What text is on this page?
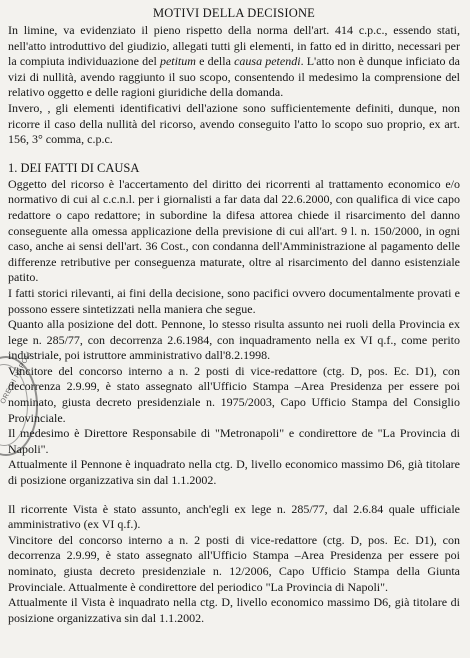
ORE DI NAPOLI
MOTIVI DELLA DECISIONE

In limine, va evidenziato il pieno rispetto della norma dell'art. 414 c.p.c., essendo stati, nell'atto introduttivo del giudizio, allegati tutti gli elementi, in fatto ed in diritto, necessari per la compiuta individuazione del petitum e della causa petendi. L'atto non è dunque inficiato da vizi di nullità, avendo raggiunto il suo scopo, consentendo il medesimo la comprensione del relativo oggetto e delle ragioni giuridiche della domanda.

Invero, , gli elementi identificativi dell'azione sono sufficientemente definiti, dunque, non ricorre il caso della nullità del ricorso, avendo conseguito l'atto lo scopo suo proprio, ex art. 156, 3° comma, c.p.c.

1. DEI FATTI DI CAUSA

Oggetto del ricorso è l'accertamento del diritto dei ricorrenti al trattamento economico e/o normativo di cui al c.c.n.l. per i giornalisti a far data dal 22.6.2000, con qualifica di vice capo redattore o capo redattore; in subordine la difesa attorea chiede il risarcimento del danno conseguente alla omessa applicazione della previsione di cui all'art. 9 l. n. 150/2000, in ogni caso, anche ai sensi dell'art. 36 Cost., con condanna dell'Amministrazione al pagamento delle differenze retributive per conseguenza maturate, oltre al risarcimento del danno esistenziale patito.

I fatti storici rilevanti, ai fini della decisione, sono pacifici ovvero documentalmente provati e possono essere sintetizzati nella maniera che segue.

Quanto alla posizione del dott. Pennone, lo stesso risulta assunto nei ruoli della Provincia ex lege n. 285/77, con decorrenza 2.6.1984, con inquadramento nella ex VI q.f., come perito industriale, poi istruttore amministrativo dall'8.2.1998.

Vincitore del concorso interno a n. 2 posti di vice-redattore (ctg. D, pos. Ec. D1), con decorrenza 2.9.99, è stato assegnato all'Ufficio Stampa –Area Presidenza per essere poi nominato, giusta decreto presidenziale n. 1975/2003, Capo Ufficio Stampa del Consiglio Provinciale.

Il medesimo è Direttore Responsabile di "Metronapoli" e condirettore de "La Provincia di Napoli".

Attualmente il Pennone è inquadrato nella ctg. D, livello economico massimo D6, già titolare di posizione organizzativa sin dal 1.1.2002.

Il ricorrente Vista è stato assunto, anch'egli ex lege n. 285/77, dal 2.6.84 quale ufficiale amministrativo (ex VI q.f.).

Vincitore del concorso interno a n. 2 posti di vice-redattore (ctg. D, pos. Ec. D1), con decorrenza 2.9.99, è stato assegnato all'Ufficio Stampa –Area Presidenza per essere poi nominato, giusta decreto presidenziale n. 12/2006, Capo Ufficio Stampa della Giunta Provinciale. Attualmente è condirettore del periodico "La Provincia di Napoli".

Attualmente il Vista è inquadrato nella ctg. D, livello economico massimo D6, già titolare di posizione organizzativa sin dal 1.1.2002.
